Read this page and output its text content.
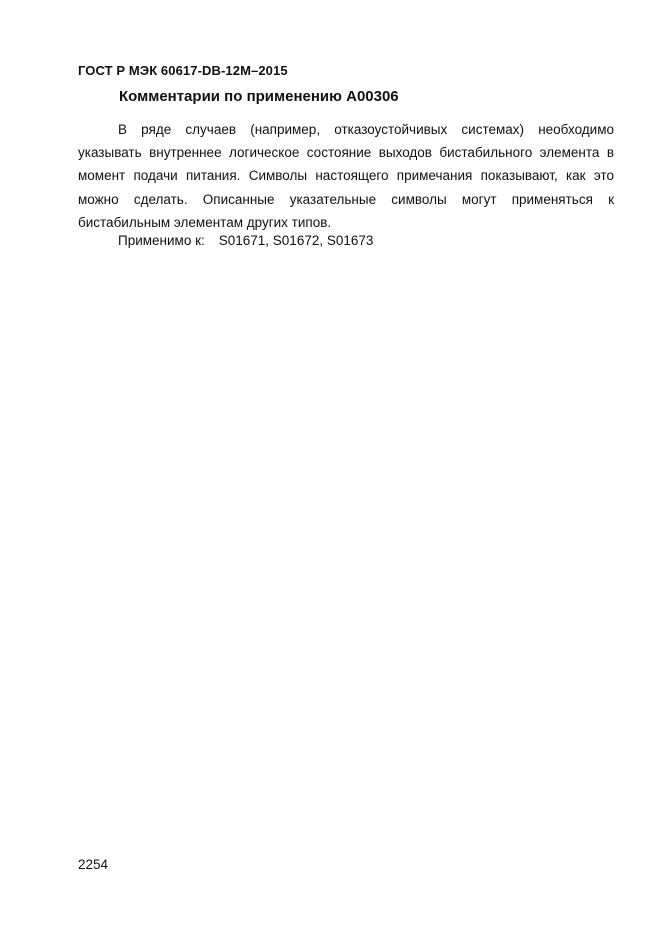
ГОСТ Р МЭК 60617-DB-12M–2015
Комментарии по применению A00306

В ряде случаев (например, отказоустойчивых системах) необходимо указывать внутреннее логическое состояние выходов бистабильного элемента в момент подачи питания. Символы настоящего примечания показывают, как это можно сделать. Описанные указательные символы могут применяться к бистабильным элементам других типов.

Применимо к: S01671, S01672, S01673
2254
